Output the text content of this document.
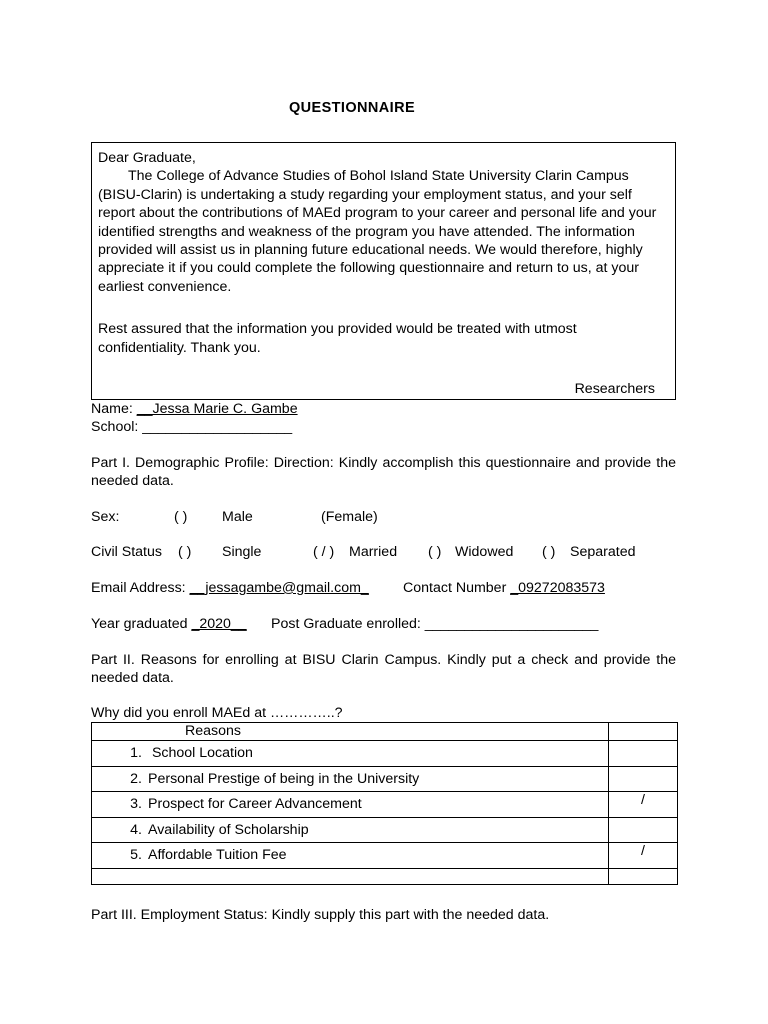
QUESTIONNAIRE

Dear Graduate,

The College of Advance Studies of Bohol Island State University Clarin Campus (BISU-Clarin) is undertaking a study regarding your employment status, and your self report about the contributions of MAEd program to your career and personal life and your identified strengths and weakness of the program you have attended. The information provided will assist us in planning future educational needs. We would therefore, highly appreciate it if you could complete the following questionnaire and return to us, at your earliest convenience.

Rest assured that the information you provided would be treated with utmost confidentiality. Thank you.

Researchers
Name: __Jessa Marie C. Gambe
School: ___________________
Part I. Demographic Profile: Direction: Kindly accomplish this questionnaire and provide the needed data.
Sex:	( ) Male	(Female)
Civil Status ( ) Single	( / ) Married ( ) Widowed ( ) Separated
Email Address: __jessagambe@gmail.com_ Contact Number _09272083573
Year graduated _2020__ Post Graduate enrolled: ______________________
Part II. Reasons for enrolling at BISU Clarin Campus. Kindly put a check and provide the needed data.
Why did you enroll MAEd at …………..?
Reasons	
1. School Location	
2. Personal Prestige of being in the University	
3. Prospect for Career Advancement	/
4. Availability of Scholarship	
5. Affordable Tuition Fee	/

Part III. Employment Status: Kindly supply this part with the needed data.
